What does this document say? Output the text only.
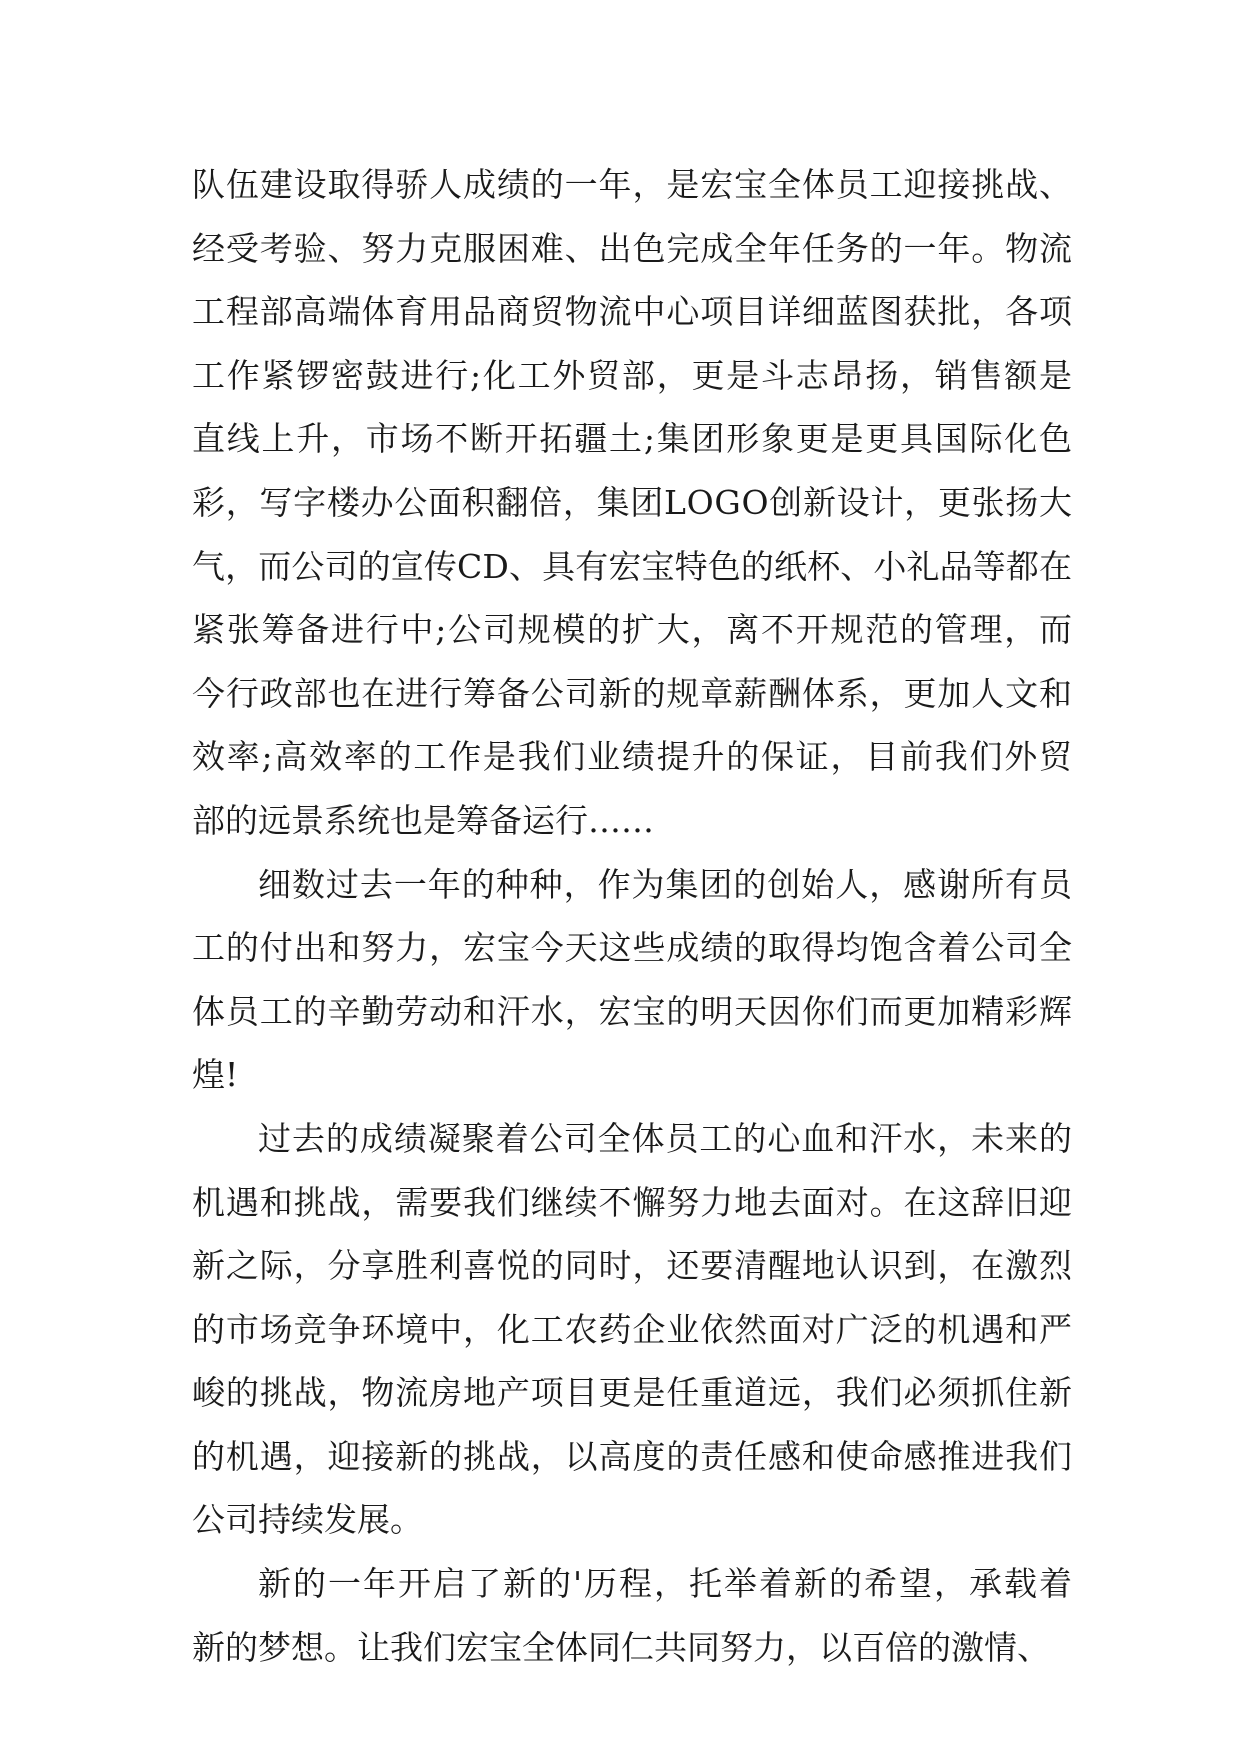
队伍建设取得骄人成绩的一年，是宏宝全体员工迎接挑战、
经受考验、努力克服困难、出色完成全年任务的一年。物流
工程部高端体育用品商贸物流中心项目详细蓝图获批，各项
工作紧锣密鼓进行;化工外贸部，更是斗志昂扬，销售额是
直线上升，市场不断开拓疆土;集团形象更是更具国际化色
彩，写字楼办公面积翻倍，集团LOGO创新设计，更张扬大
气，而公司的宣传CD、具有宏宝特色的纸杯、小礼品等都在
紧张筹备进行中;公司规模的扩大，离不开规范的管理，而
今行政部也在进行筹备公司新的规章薪酬体系，更加人文和
效率;高效率的工作是我们业绩提升的保证，目前我们外贸
部的远景系统也是筹备运行……
细数过去一年的种种，作为集团的创始人，感谢所有员
工的付出和努力，宏宝今天这些成绩的取得均饱含着公司全
体员工的辛勤劳动和汗水，宏宝的明天因你们而更加精彩辉
煌!
过去的成绩凝聚着公司全体员工的心血和汗水，未来的
机遇和挑战，需要我们继续不懈努力地去面对。在这辞旧迎
新之际，分享胜利喜悦的同时，还要清醒地认识到，在激烈
的市场竞争环境中，化工农药企业依然面对广泛的机遇和严
峻的挑战，物流房地产项目更是任重道远，我们必须抓住新
的机遇，迎接新的挑战，以高度的责任感和使命感推进我们
公司持续发展。
新的一年开启了新的'历程，托举着新的希望，承载着
新的梦想。让我们宏宝全体同仁共同努力，以百倍的激情、
